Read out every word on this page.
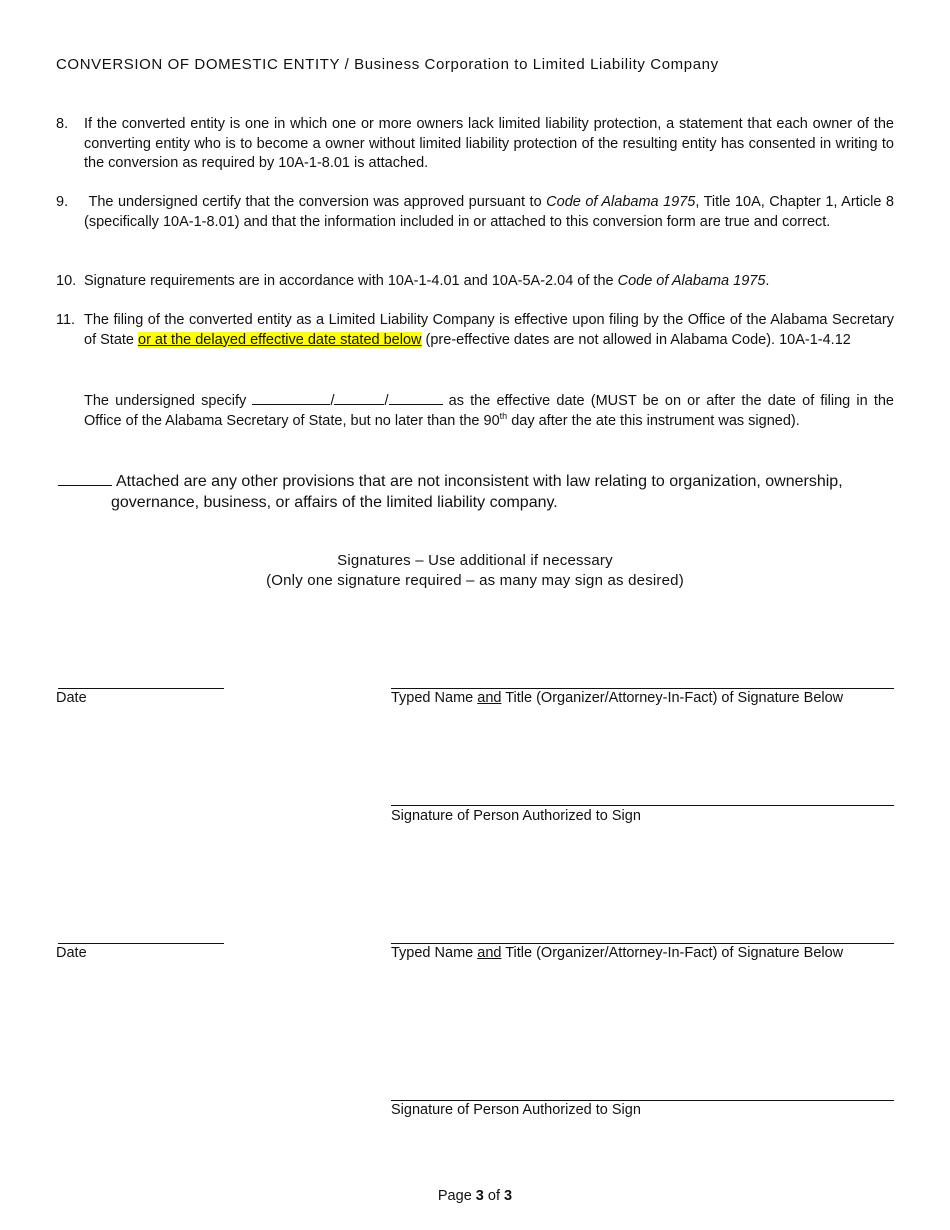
CONVERSION OF DOMESTIC ENTITY / Business Corporation to Limited Liability Company
8.	If the converted entity is one in which one or more owners lack limited liability protection, a statement that each owner of the converting entity who is to become a owner without limited liability protection of the resulting entity has consented in writing to the conversion as required by 10A-1-8.01 is attached.
9.	The undersigned certify that the conversion was approved pursuant to Code of Alabama 1975, Title 10A, Chapter 1, Article 8 (specifically 10A-1-8.01) and that the information included in or attached to this conversion form are true and correct.
10. Signature requirements are in accordance with 10A-1-4.01 and 10A-5A-2.04 of the Code of Alabama 1975.
11. The filing of the converted entity as a Limited Liability Company is effective upon filing by the Office of the Alabama Secretary of State or at the delayed effective date stated below (pre-effective dates are not allowed in Alabama Code). 10A-1-4.12
The undersigned specify	/	/	as the effective date (MUST be on or after the date of filing in the Office of the Alabama Secretary of State, but no later than the 90th day after the ate this instrument was signed).
Attached are any other provisions that are not inconsistent with law relating to organization, ownership,
governance, business, or affairs of the limited liability company.
Signatures – Use additional if necessary
(Only one signature required – as many may sign as desired)
Date	Typed Name and Title (Organizer/Attorney-In-Fact) of Signature Below
Signature of Person Authorized to Sign
Date	Typed Name and Title (Organizer/Attorney-In-Fact) of Signature Below
Signature of Person Authorized to Sign
Page 3 of 3
